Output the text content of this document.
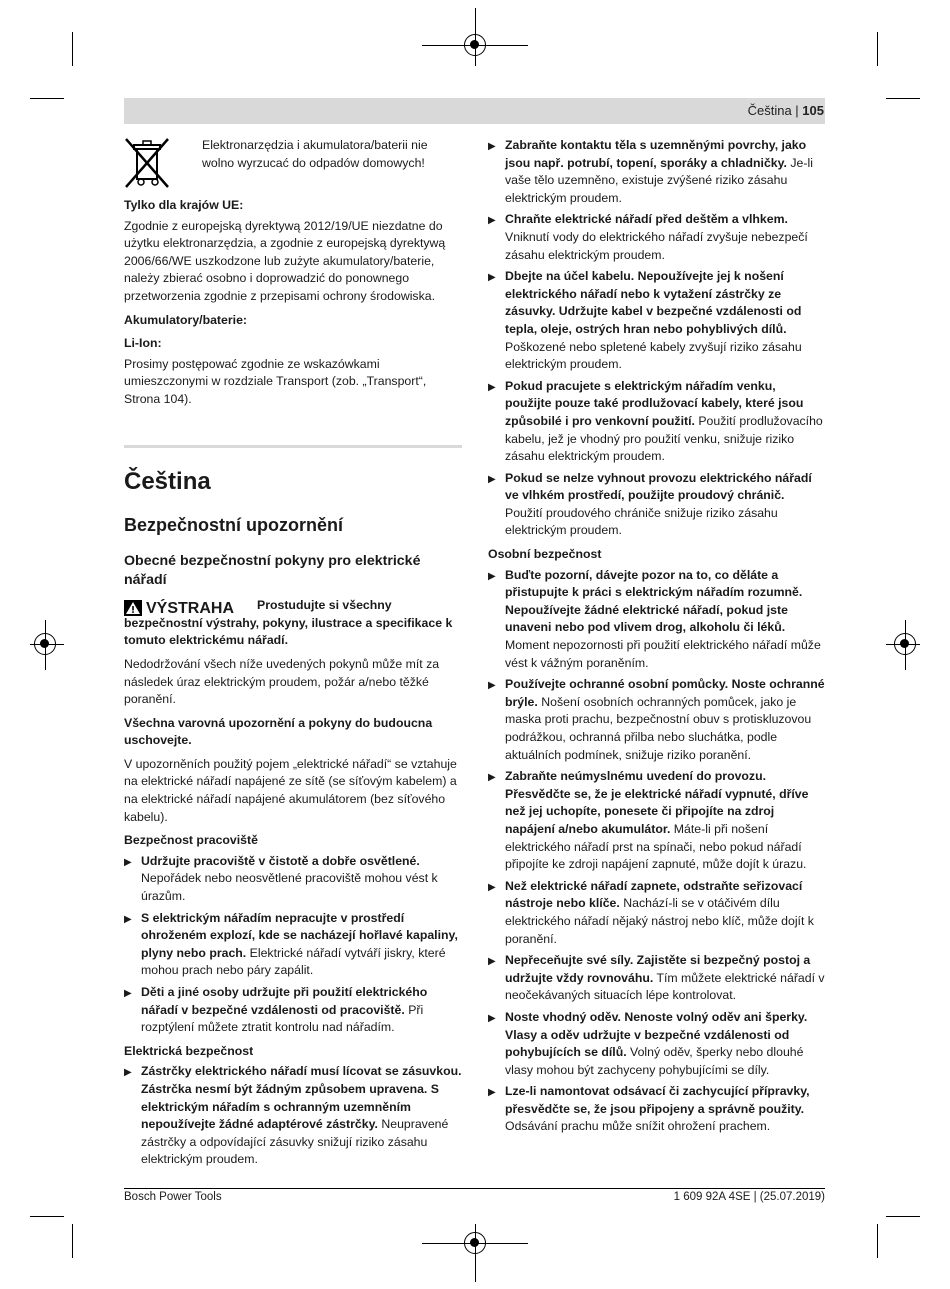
Čeština | 105
Elektronarzędzia i akumulatora/baterii nie wolno wyrzucać do odpadów domowych!
Tylko dla krajów UE:

Zgodnie z europejską dyrektywą 2012/19/UE niezdatne do użytku elektronarzędzia, a zgodnie z europejską dyrektywą 2006/66/WE uszkodzone lub zużyte akumulatory/baterie, należy zbierać osobno i doprowadzić do ponownego przetworzenia zgodnie z przepisami ochrony środowiska.

Akumulatory/baterie:
Li-Ion:

Prosimy postępować zgodnie ze wskazówkami umieszczonymi w rozdziale Transport (zob. „Transport“, Strona 104).

Čeština
Bezpečnostní upozornění
Obecné bezpečnostní pokyny pro elektrické nářadí
VÝSTRAHA	Prostudujte si všechny bezpečnostní výstrahy, pokyny, ilustrace a specifikace k tomuto elektrickému nářadí.

Nedodržování všech níže uvedených pokynů může mít za následek úraz elektrickým proudem, požár a/nebo těžké poranění.

Všechna varovná upozornění a pokyny do budoucna uschovejte.

V upozorněních použitý pojem „elektrické nářadí“ se vztahuje na elektrické nářadí napájené ze sítě (se síťovým kabelem) a na elektrické nářadí napájené akumulátorem (bez síťového kabelu).

Bezpečnost pracoviště
▶ Udržujte pracoviště v čistotě a dobře osvětlené. Nepořádek nebo neosvětlené pracoviště mohou vést k úrazům.
▶ S elektrickým nářadím nepracujte v prostředí ohroženém explozí, kde se nacházejí hořlavé kapaliny, plyny nebo prach. Elektrické nářadí vytváří jiskry, které mohou prach nebo páry zapálit.
▶ Děti a jiné osoby udržujte při použití elektrického nářadí v bezpečné vzdálenosti od pracoviště. Při rozptýlení můžete ztratit kontrolu nad nářadím.
Elektrická bezpečnost
▶ Zástrčky elektrického nářadí musí lícovat se zásuvkou. Zástrčka nesmí být žádným způsobem upravena. S elektrickým nářadím s ochranným uzemněním nepoužívejte žádné adaptérové zástrčky. Neupravené zástrčky a odpovídající zásuvky snižují riziko zásahu elektrickým proudem.
▶ Zabraňte kontaktu těla s uzemněnými povrchy, jako jsou např. potrubí, topení, sporáky a chladničky. Je-li vaše tělo uzemněno, existuje zvýšené riziko zásahu elektrickým proudem.
▶ Chraňte elektrické nářadí před deštěm a vlhkem. Vniknutí vody do elektrického nářadí zvyšuje nebezpečí zásahu elektrickým proudem.
▶ Dbejte na účel kabelu. Nepoužívejte jej k nošení elektrického nářadí nebo k vytažení zástrčky ze zásuvky. Udržujte kabel v bezpečné vzdálenosti od tepla, oleje, ostrých hran nebo pohyblivých dílů. Poškozené nebo spletené kabely zvyšují riziko zásahu elektrickým proudem.
▶ Pokud pracujete s elektrickým nářadím venku, použijte pouze také prodlužovací kabely, které jsou způsobilé i pro venkovní použití. Použití prodlužovacího kabelu, jež je vhodný pro použití venku, snižuje riziko zásahu elektrickým proudem.
▶ Pokud se nelze vyhnout provozu elektrického nářadí ve vlhkém prostředí, použijte proudový chránič. Použití proudového chrániče snižuje riziko zásahu elektrickým proudem.
Osobní bezpečnost
▶ Buďte pozorní, dávejte pozor na to, co děláte a přistupujte k práci s elektrickým nářadím rozumně. Nepoužívejte žádné elektrické nářadí, pokud jste unaveni nebo pod vlivem drog, alkoholu či léků. Moment nepozornosti při použití elektrického nářadí může vést k vážným poraněním.
▶ Používejte ochranné osobní pomůcky. Noste ochranné brýle. Nošení osobních ochranných pomůcek, jako je maska proti prachu, bezpečnostní obuv s protiskluzovou podrážkou, ochranná přilba nebo sluchátka, podle aktuálních podmínek, snižuje riziko poranění.
▶ Zabraňte neúmyslnému uvedení do provozu. Přesvědčte se, že je elektrické nářadí vypnuté, dříve než jej uchopíte, ponesete či připojíte na zdroj napájení a/nebo akumulátor. Máte-li při nošení elektrického nářadí prst na spínači, nebo pokud nářadí připojíte ke zdroji napájení zapnuté, může dojít k úrazu.
▶ Než elektrické nářadí zapnete, odstraňte seřizovací nástroje nebo klíče. Nachází-li se v otáčivém dílu elektrického nářadí nějaký nástroj nebo klíč, může dojít k poranění.
▶ Nepřeceňujte své síly. Zajistěte si bezpečný postoj a udržujte vždy rovnováhu. Tím můžete elektrické nářadí v neočekávaných situacích lépe kontrolovat.
▶ Noste vhodný oděv. Nenoste volný oděv ani šperky. Vlasy a oděv udržujte v bezpečné vzdálenosti od pohybujících se dílů. Volný oděv, šperky nebo dlouhé vlasy mohou být zachyceny pohybujícími se díly.
▶ Lze-li namontovat odsávací či zachycující přípravky, přesvědčte se, že jsou připojeny a správně použity. Odsávání prachu může snížit ohrožení prachem.
Bosch Power Tools	1 609 92A 4SE | (25.07.2019)
